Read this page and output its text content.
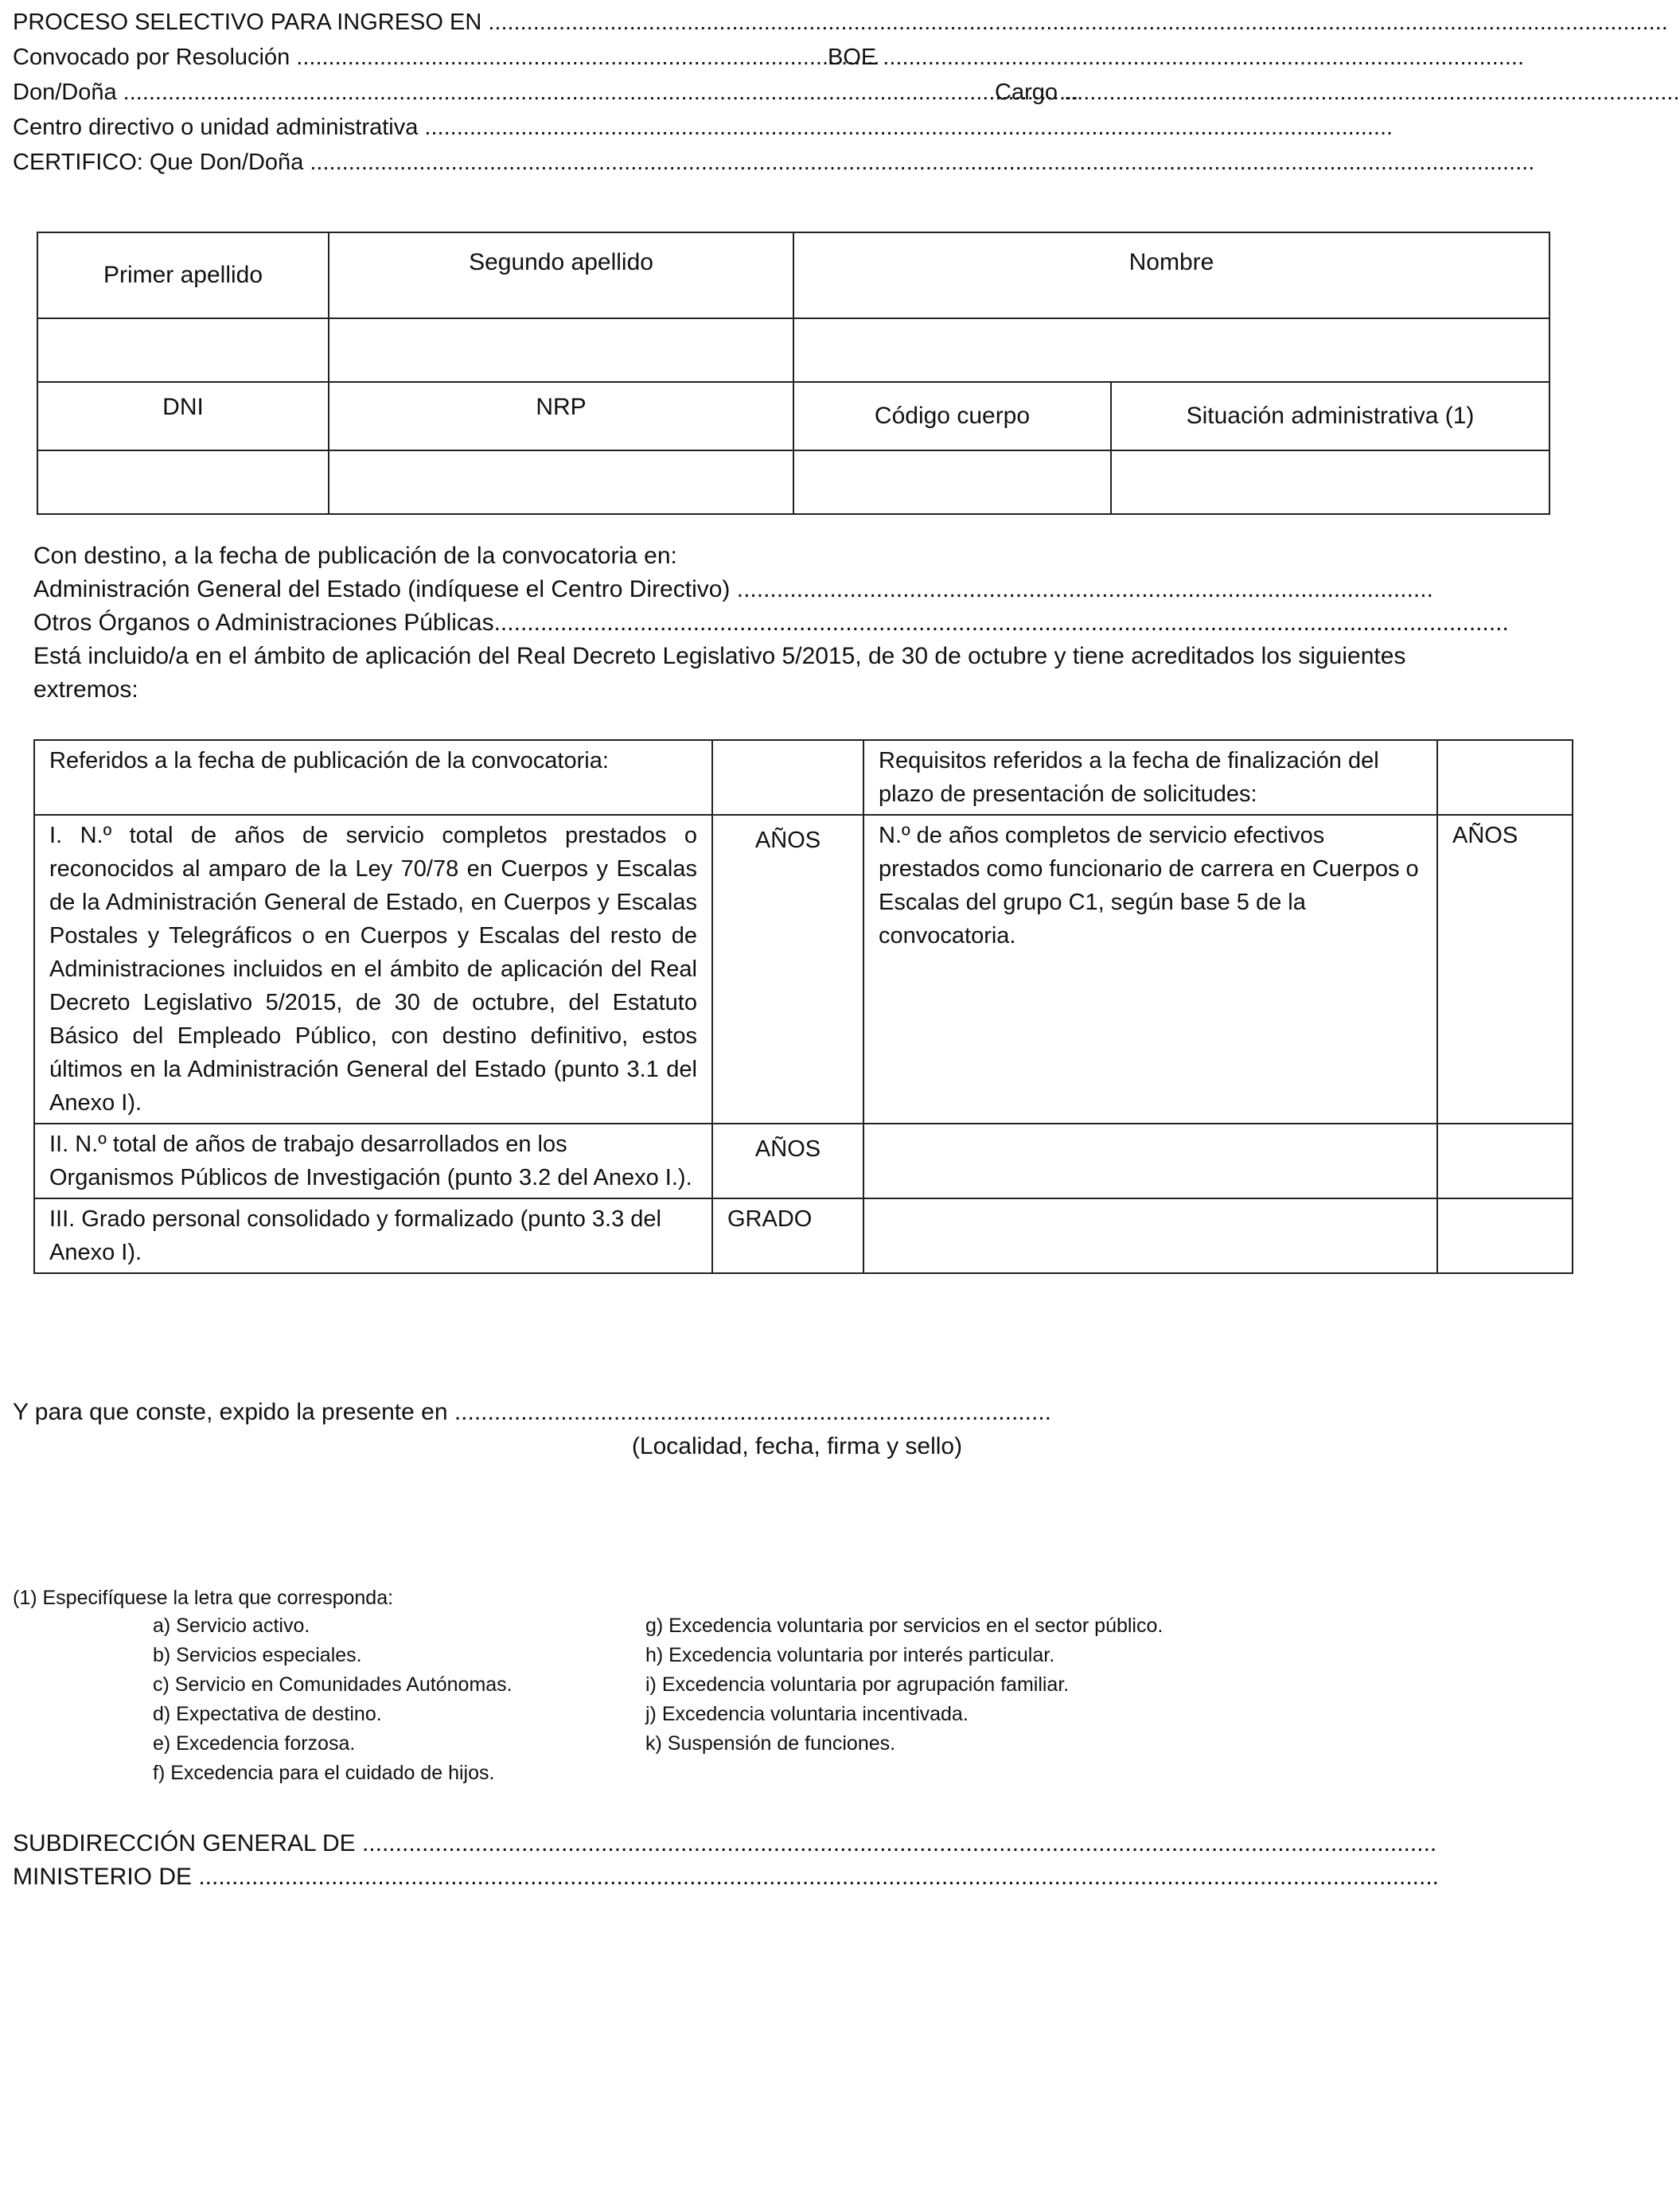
PROCESO SELECTIVO PARA INGRESO EN ........................................................................................................................................................................................
Convocado por Resolución ...........................................................................................
BOE ....................................................................................................
Don/Doña .....................................................................................................................................................
Cargo ................................................................................................
Centro directivo o unidad administrativa .......................................................................................................................................................
CERTIFICO: Que Don/Doña ...............................................................................................................................................................................................
Primer apellido	Segundo apellido	Nombre	

DNI	NRP	Código cuerpo	Situación administrativa (1)

Con destino, a la fecha de publicación de la convocatoria en:
Administración General del Estado (indíquese el Centro Directivo) .........................................................................................................
Otros Órganos o Administraciones Públicas.........................................................................................................................................................
Está incluido/a en el ámbito de aplicación del Real Decreto Legislativo 5/2015, de 30 de octubre y tiene acreditados los siguientes
extremos:
Referidos a la fecha de publicación de la convocatoria:		Requisitos referidos a la fecha de finalización del plazo de presentación de solicitudes:	
I. N.º total de años de servicio completos prestados o reconocidos al amparo de la Ley 70/78 en Cuerpos y Escalas de la Administración General de Estado, en Cuerpos y Escalas Postales y Telegráficos o en Cuerpos y Escalas del resto de Administraciones incluidos en el ámbito de aplicación del Real Decreto Legislativo 5/2015, de 30 de octubre, del Estatuto Básico del Empleado Público, con destino definitivo, estos últimos en la Administración General del Estado (punto 3.1 del Anexo I).	AÑOS	N.º de años completos de servicio efectivos prestados como funcionario de carrera en Cuerpos o Escalas del grupo C1, según base 5 de la convocatoria.	AÑOS
II. N.º total de años de trabajo desarrollados en los Organismos Públicos de Investigación (punto 3.2 del Anexo I.).	AÑOS		
III. Grado personal consolidado y formalizado (punto 3.3 del Anexo I).	GRADO		
Y para que conste, expido la presente en ..........................................................................................
(Localidad, fecha, firma y sello)
(1) Especifíquese la letra que corresponda:
a) Servicio activo.
b) Servicios especiales.
c) Servicio en Comunidades Autónomas.
d) Expectativa de destino.
e) Excedencia forzosa.
f) Excedencia para el cuidado de hijos.
g) Excedencia voluntaria por servicios en el sector público.
h) Excedencia voluntaria por interés particular.
i) Excedencia voluntaria por agrupación familiar.
j) Excedencia voluntaria incentivada.
k) Suspensión de funciones.
SUBDIRECCIÓN GENERAL DE ..................................................................................................................................................................
MINISTERIO DE ...........................................................................................................................................................................................
